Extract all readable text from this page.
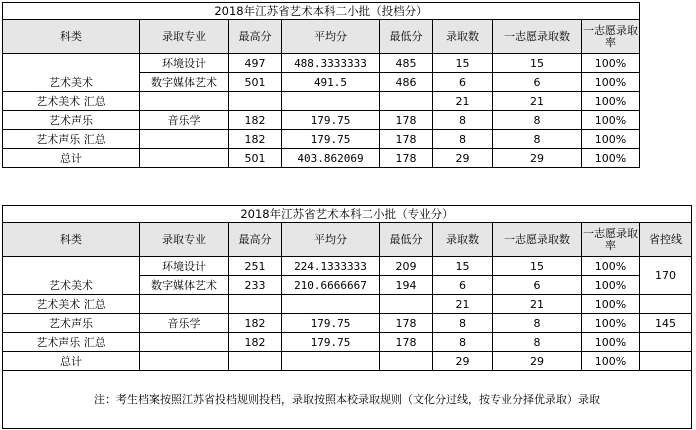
2018年江苏省艺术本科二小批（投档分）							
科类	录取专业	最高分	平均分	最低分	录取数	一志愿录取数	一志愿录取率
艺术美术	环境设计	497	488.3333333	485	15	15	100%
	数字媒体艺术	501	491.5	486	6	6	100%
艺术美术 汇总					21	21	100%
艺术声乐	音乐学	182	179.75	178	8	8	100%
艺术声乐 汇总		182	179.75	178	8	8	100%
总计		501	403.862069	178	29	29	100%
2018年江苏省艺术本科二小批（专业分）								
科类	录取专业	最高分	平均分	最低分	录取数	一志愿录取数	一志愿录取率	省控线
艺术美术	环境设计	251	224.1333333	209	15	15	100%	170
	数字媒体艺术	233	210.6666667	194	6	6	100%	
艺术美术 汇总					21	21	100%	
艺术声乐	音乐学	182	179.75	178	8	8	100%	145
艺术声乐 汇总		182	179.75	178	8	8	100%	
总计					29	29	100%	
注：考生档案按照江苏省投档规则投档，录取按照本校录取规则（文化分过线，按专业分择优录取）录取								
